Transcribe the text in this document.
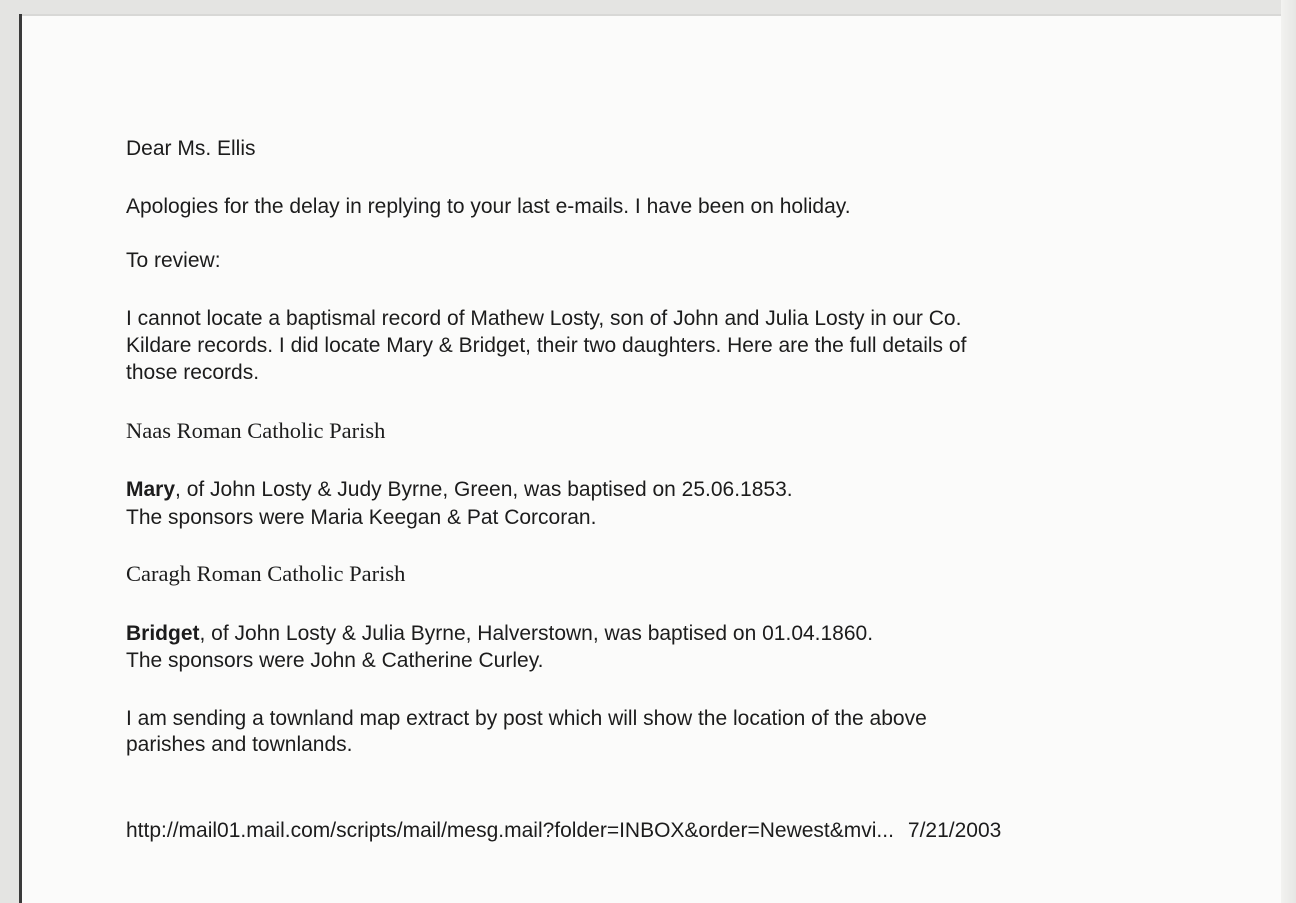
Dear Ms. Ellis
Apologies for the delay in replying to your last e-mails. I have been on holiday.
To review:
I cannot locate a baptismal record of Mathew Losty, son of John and Julia Losty in our Co.
Kildare records. I did locate Mary & Bridget, their two daughters. Here are the full details of
those records.
Naas Roman Catholic Parish
Mary, of John Losty & Judy Byrne, Green, was baptised on 25.06.1853.
The sponsors were Maria Keegan & Pat Corcoran.
Caragh Roman Catholic Parish
Bridget, of John Losty & Julia Byrne, Halverstown, was baptised on 01.04.1860.
The sponsors were John & Catherine Curley.
I am sending a townland map extract by post which will show the location of the above
parishes and townlands.
http://mail01.mail.com/scripts/mail/mesg.mail?folder=INBOX&order=Newest&mvi... 7/21/2003
